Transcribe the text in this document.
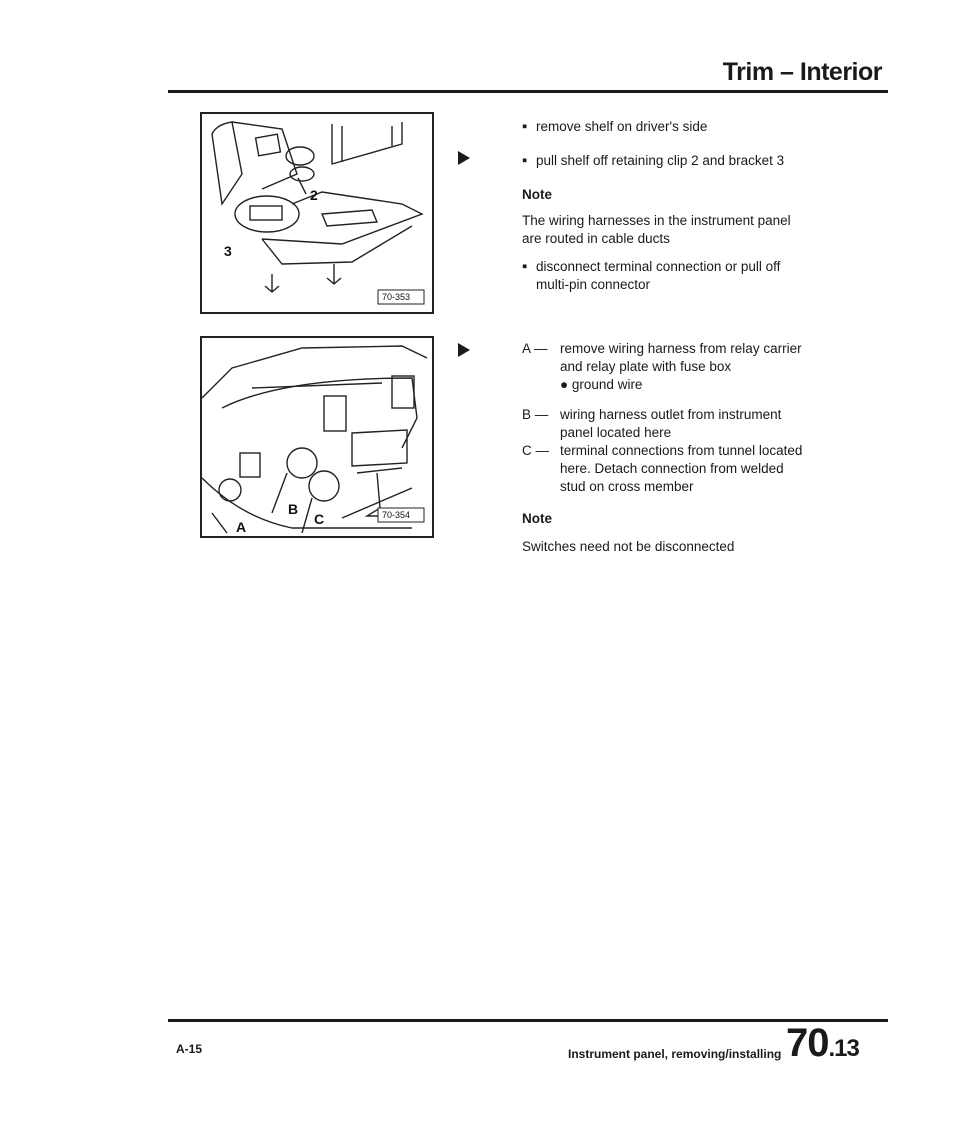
Trim – Interior
2
3
70-353
A
B
C	70-354
▪ remove shelf on driver's side
▪ pull shelf off retaining clip 2 and bracket 3
Note
The wiring harnesses in the instrument panel
are routed in cable ducts
▪ disconnect terminal connection or pull off
multi-pin connector
A — remove wiring harness from relay carrier
and relay plate with fuse box
● ground wire
B — wiring harness outlet from instrument
panel located here
C — terminal connections from tunnel located
here. Detach connection from welded
stud on cross member
Note
Switches need not be disconnected
A-15	Instrument panel, removing/installing 70.13
